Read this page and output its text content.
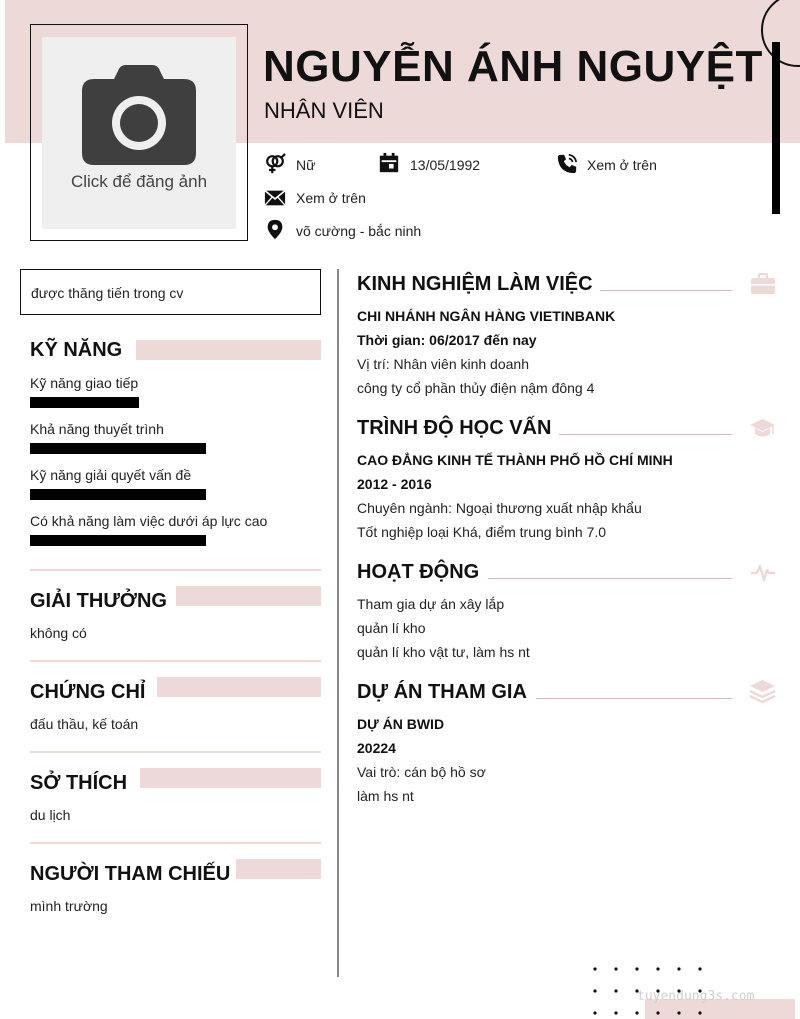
Click để đăng ảnh
NGUYỄN ÁNH NGUYỆT
NHÂN VIÊN
Nữ	13/05/1992	Xem ở trên
Xem ở trên
võ cường - bắc ninh
được thăng tiến trong cv
KỸ NĂNG
Kỹ năng giao tiếp
Khả năng thuyết trình
Kỹ năng giải quyết vấn đề
Có khả năng làm việc dưới áp lực cao
GIẢI THƯỞNG
không có
CHỨNG CHỈ
đấu thầu, kế toán
SỞ THÍCH
du lịch
NGƯỜI THAM CHIẾU
mình trường
KINH NGHIỆM LÀM VIỆC
CHI NHÁNH NGÂN HÀNG VIETINBANK
Thời gian: 06/2017 đến nay
Vị trí: Nhân viên kinh doanh
công ty cổ phần thủy điện nậm đông 4
TRÌNH ĐỘ HỌC VẤN
CAO ĐẲNG KINH TẾ THÀNH PHỐ HỒ CHÍ MINH
2012 - 2016
Chuyên ngành: Ngoại thương xuất nhập khẩu
Tốt nghiệp loại Khá, điểm trung bình 7.0
HOẠT ĐỘNG
Tham gia dự án xây lắp
quản lí kho
quản lí kho vật tư, làm hs nt
DỰ ÁN THAM GIA
DỰ ÁN BWID
20224
Vai trò: cán bộ hồ sơ
làm hs nt
tuyendung3s.com
